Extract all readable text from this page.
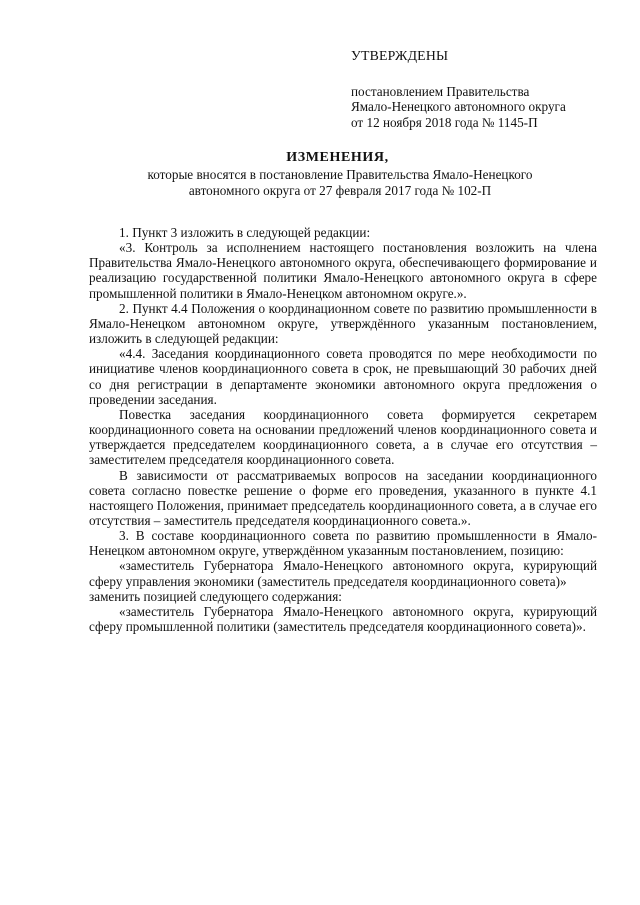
УТВЕРЖДЕНЫ
постановлением Правительства
Ямало-Ненецкого автономного округа
от 12 ноября 2018 года № 1145-П
ИЗМЕНЕНИЯ,
которые вносятся в постановление Правительства Ямало-Ненецкого
автономного округа от 27 февраля 2017 года № 102-П

1. Пункт 3 изложить в следующей редакции:

«3. Контроль за исполнением настоящего постановления возложить на члена Правительства Ямало-Ненецкого автономного округа, обеспечивающего формирование и реализацию государственной политики Ямало-Ненецкого автономного округа в сфере промышленной политики в Ямало-Ненецком автономном округе.».

2. Пункт 4.4 Положения о координационном совете по развитию промышленности в Ямало-Ненецком автономном округе, утверждённого указанным постановлением, изложить в следующей редакции:

«4.4. Заседания координационного совета проводятся по мере необходимости по инициативе членов координационного совета в срок, не превышающий 30 рабочих дней со дня регистрации в департаменте экономики автономного округа предложения о проведении заседания.

Повестка заседания координационного совета формируется секретарем координационного совета на основании предложений членов координационного совета и утверждается председателем координационного совета, а в случае его отсутствия – заместителем председателя координационного совета.

В зависимости от рассматриваемых вопросов на заседании координационного совета согласно повестке решение о форме его проведения, указанного в пункте 4.1 настоящего Положения, принимает председатель координационного совета, а в случае его отсутствия – заместитель председателя координационного совета.».

3. В составе координационного совета по развитию промышленности в Ямало-Ненецком автономном округе, утверждённом указанным постановлением, позицию:

«заместитель Губернатора Ямало-Ненецкого автономного округа, курирующий сферу управления экономики (заместитель председателя координационного совета)»

заменить позицией следующего содержания:

«заместитель Губернатора Ямало-Ненецкого автономного округа, курирующий сферу промышленной политики (заместитель председателя координационного совета)».
